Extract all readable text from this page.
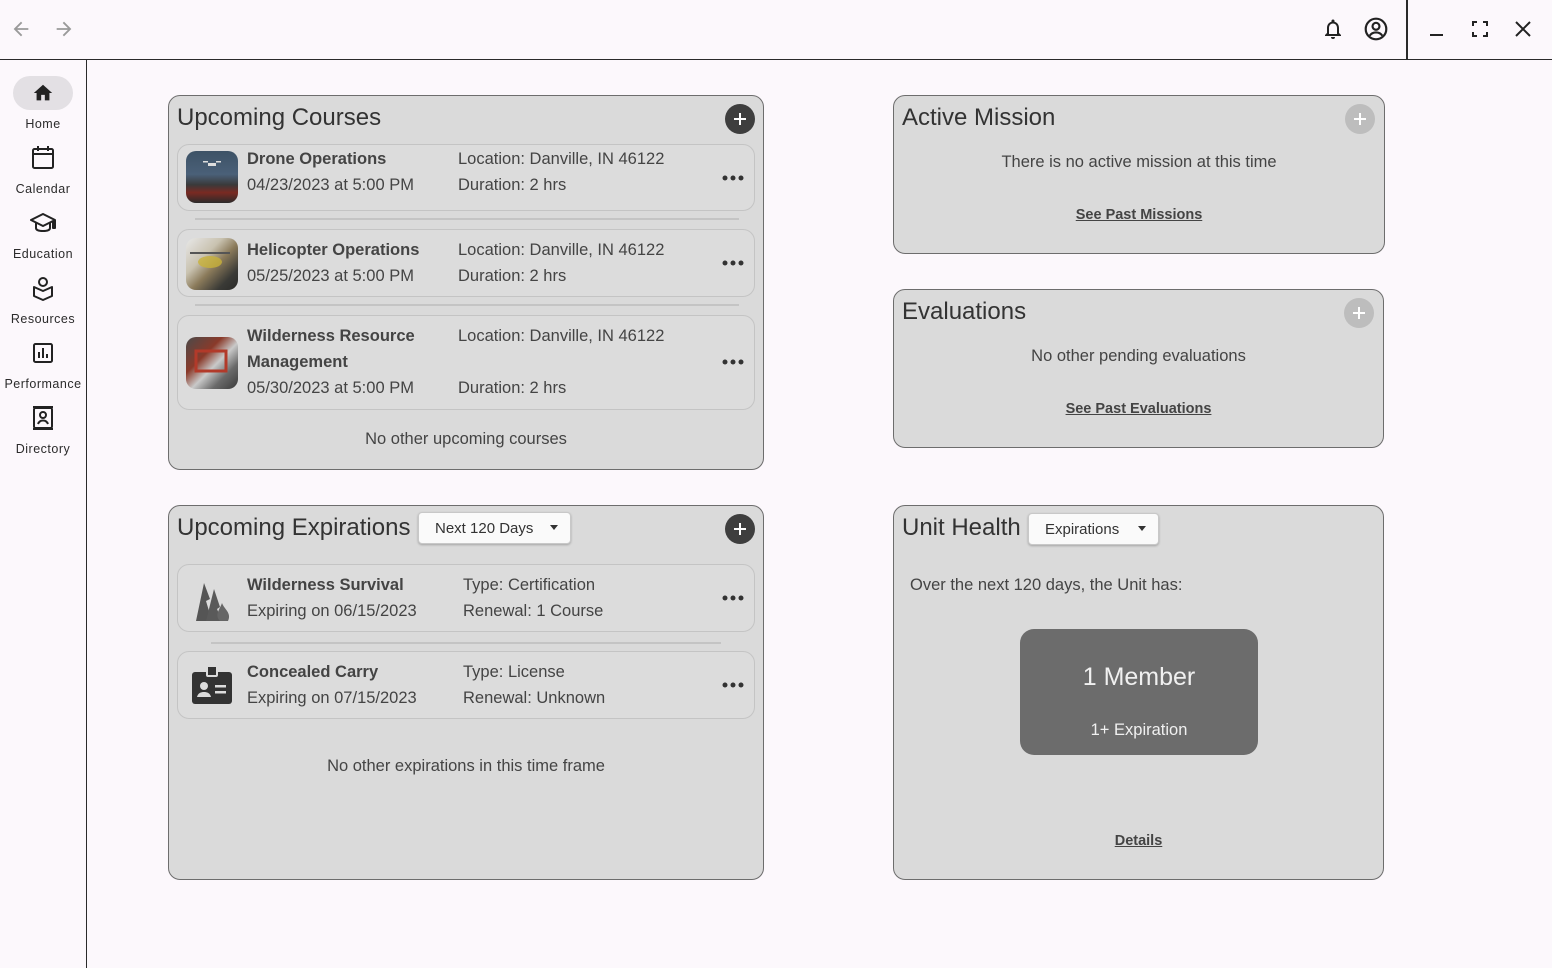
Home
Calendar
Education
Resources
Performance
Directory
Upcoming Courses
Drone Operations
04/23/2023 at 5:00 PM
Location: Danville, IN 46122
Duration: 2 hrs
Helicopter Operations
05/25/2023 at 5:00 PM
Location: Danville, IN 46122
Duration: 2 hrs
Wilderness Resource
Management
05/30/2023 at 5:00 PM
Location: Danville, IN 46122
Duration: 2 hrs
No other upcoming courses
Active Mission
There is no active mission at this time
See Past Missions
Evaluations
No other pending evaluations
See Past Evaluations
Upcoming Expirations Next 120 Days
Wilderness Survival
Expiring on 06/15/2023
Type: Certification
Renewal: 1 Course
Concealed Carry
Expiring on 07/15/2023
Type: License
Renewal: Unknown
No other expirations in this time frame
Unit Health Expirations
Over the next 120 days, the Unit has:
1 Member
1+ Expiration
Details
